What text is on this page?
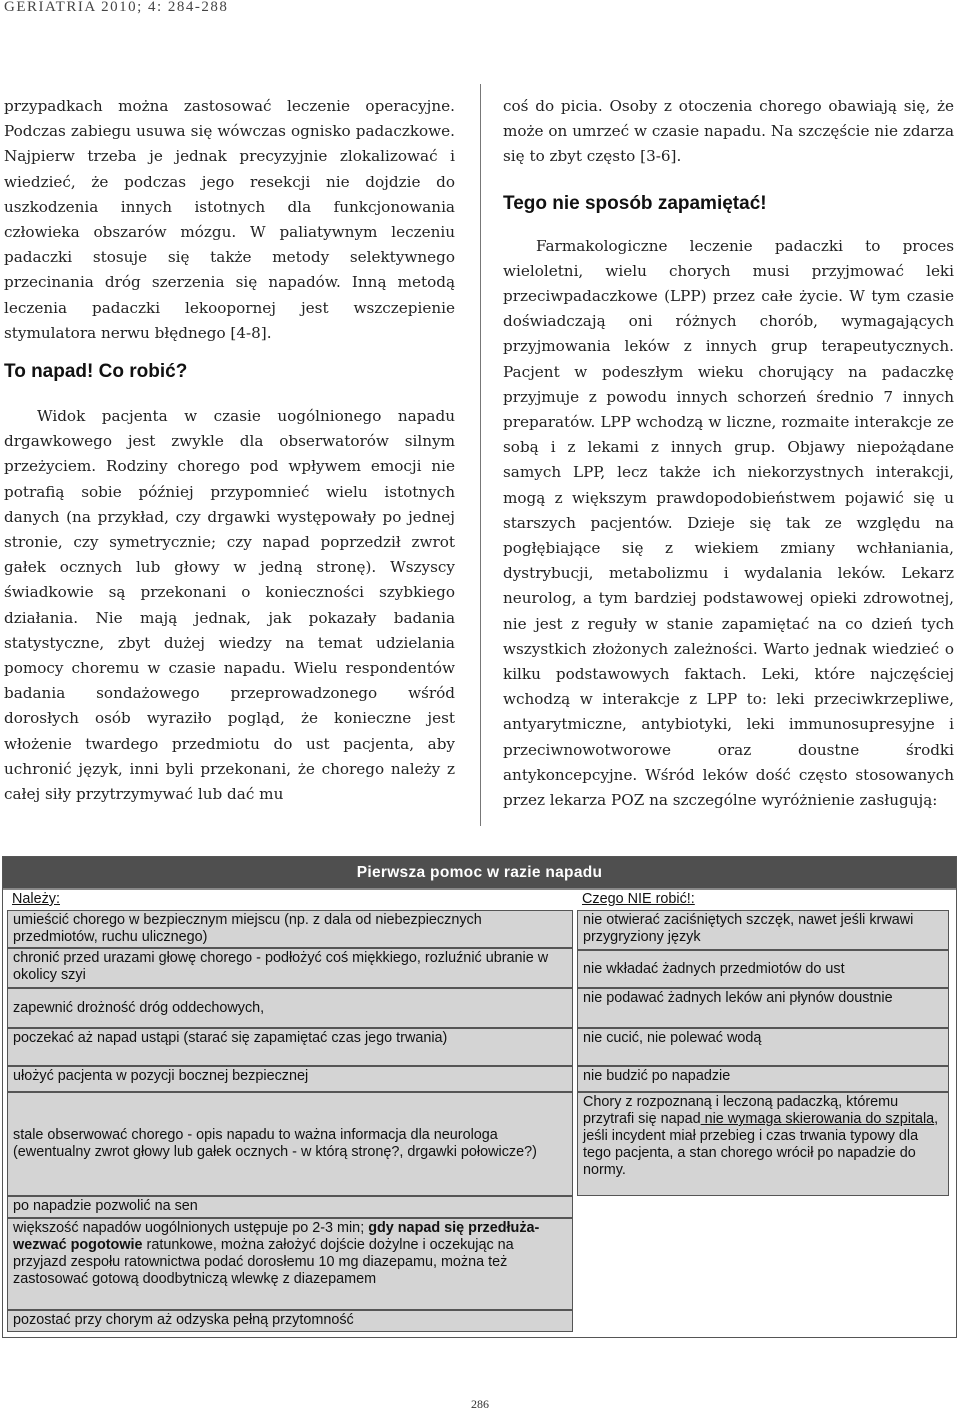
GERIATRIA 2010; 4: 284-288

przypadkach można zastosować leczenie operacyjne. Podczas zabiegu usuwa się wówczas ognisko padaczkowe. Najpierw trzeba je jednak precyzyjnie zlokalizować i wiedzieć, że podczas jego resekcji nie dojdzie do uszkodzenia innych istotnych dla funkcjonowania człowieka obszarów mózgu. W paliatywnym leczeniu padaczki stosuje się także metody selektywnego przecinania dróg szerzenia się napadów. Inną metodą leczenia padaczki lekoopornej jest wszczepienie stymulatora nerwu błędnego [4-8].

To napad! Co robić?

Widok pacjenta w czasie uogólnionego napadu drgawkowego jest zwykle dla obserwatorów silnym przeżyciem. Rodziny chorego pod wpływem emocji nie potrafią sobie później przypomnieć wielu istotnych danych (na przykład, czy drgawki występowały po jednej stronie, czy symetrycznie; czy napad poprzedził zwrot gałek ocznych lub głowy w jedną stronę). Wszyscy świadkowie są przekonani o konieczności szybkiego działania. Nie mają jednak, jak pokazały badania statystyczne, zbyt dużej wiedzy na temat udzielania pomocy choremu w czasie napadu. Wielu respondentów badania sondażowego przeprowadzonego wśród dorosłych osób wyraziło pogląd, że konieczne jest włożenie twardego przedmiotu do ust pacjenta, aby uchronić język, inni byli przekonani, że chorego należy z całej siły przytrzymywać lub dać mu

coś do picia. Osoby z otoczenia chorego obawiają się, że może on umrzeć w czasie napadu. Na szczęście nie zdarza się to zbyt często [3-6].

Tego nie sposób zapamiętać!

Farmakologiczne leczenie padaczki to proces wieloletni, wielu chorych musi przyjmować leki przeciwpadaczkowe (LPP) przez całe życie. W tym czasie doświadczają oni różnych chorób, wymagających przyjmowania leków z innych grup terapeutycznych. Pacjent w podeszłym wieku chorujący na padaczkę przyjmuje z powodu innych schorzeń średnio 7 innych preparatów. LPP wchodzą w liczne, rozmaite interakcje ze sobą i z lekami z innych grup. Objawy niepożądane samych LPP, lecz także ich niekorzystnych interakcji, mogą z większym prawdopodobieństwem pojawić się u starszych pacjentów. Dzieje się tak ze względu na pogłębiające się z wiekiem zmiany wchłaniania, dystrybucji, metabolizmu i wydalania leków. Lekarz neurolog, a tym bardziej podstawowej opieki zdrowotnej, nie jest z reguły w stanie zapamiętać na co dzień tych wszystkich złożonych zależności. Warto jednak wiedzieć o kilku podstawowych faktach. Leki, które najczęściej wchodzą w interakcje z LPP to: leki przeciwkrzepliwe, antyarytmiczne, antybiotyki, leki immunosupresyjne i przeciwnowotworowe oraz doustne środki antykoncepcyjne. Wśród leków dość często stosowanych przez lekarza POZ na szczególne wyróżnienie zasługują:

Pierwsza pomoc w razie napadu
Należy:	Czego NIE robić!:
umieścić chorego w bezpiecznym miejscu (np. z dala od niebezpiecznych przedmiotów, ruchu ulicznego)
chronić przed urazami głowę chorego - podłożyć coś miękkiego, rozluźnić ubranie w okolicy szyi
zapewnić drożność dróg oddechowych,
poczekać aż napad ustąpi (starać się zapamiętać czas jego trwania)
ułożyć pacjenta w pozycji bocznej bezpiecznej
stale obserwować chorego - opis napadu to ważna informacja dla neurologa (ewentualny zwrot głowy lub gałek ocznych - w którą stronę?, drgawki połowicze?)
po napadzie pozwolić na sen
większość napadów uogólnionych ustępuje po 2-3 min; gdy napad się przedłuża-wezwać pogotowie ratunkowe, można założyć dojście dożylne i oczekując na przyjazd zespołu ratownictwa podać dorosłemu 10 mg diazepamu, można też zastosować gotową doodbytniczą wlewkę z diazepamem
pozostać przy chorym aż odzyska pełną przytomność
nie otwierać zaciśniętych szczęk, nawet jeśli krwawi przygryziony język
nie wkładać żadnych przedmiotów do ust
nie podawać żadnych leków ani płynów doustnie
nie cucić, nie polewać wodą
nie budzić po napadzie
Chory z rozpoznaną i leczoną padaczką, któremu przytrafi się napad nie wymaga skierowania do szpitala, jeśli incydent miał przebieg i czas trwania typowy dla tego pacjenta, a stan chorego wrócił po napadzie do normy.
286
